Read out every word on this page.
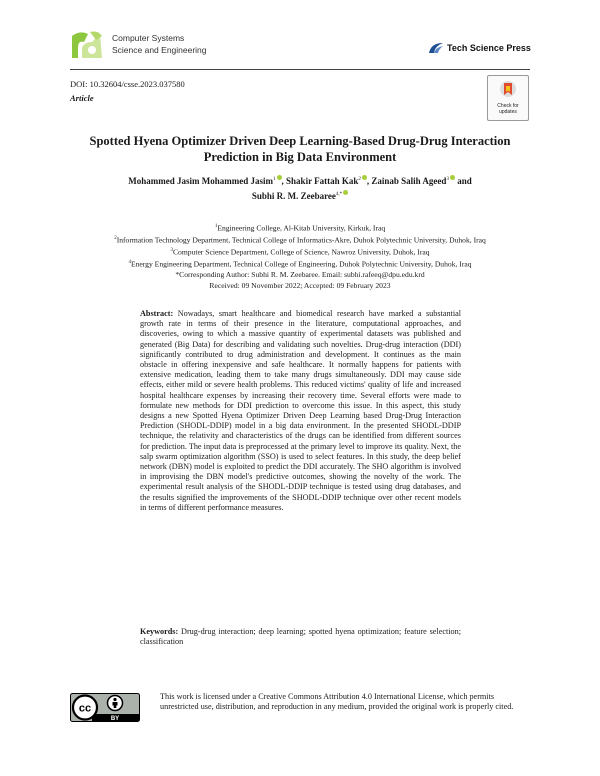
Computer Systems
Science and Engineering	Tech Science Press
DOI: 10.32604/csse.2023.037580
Article
Check for
updates
Spotted Hyena Optimizer Driven Deep Learning-Based Drug-Drug Interaction
Prediction in Big Data Environment
Mohammed Jasim Mohammed Jasim$^1$ , Shakir Fattah Kak$^2$ , Zainab Salih Ageed$^3$ and
Subhi R. M. Zeebaree$^{4,*}$
$^1$Engineering College, Al-Kitab University, Kirkuk, Iraq
$^2$Information Technology Department, Technical College of Informatics-Akre, Duhok Polytechnic University, Duhok, Iraq
$^3$Computer Science Department, College of Science, Nawroz University, Duhok, Iraq
$^4$Energy Engineering Department, Technical College of Engineering, Duhok Polytechnic University, Duhok, Iraq
*Corresponding Author: Subhi R. M. Zeebaree. Email: subhi.rafeeq@dpu.edu.krd
Received: 09 November 2022; Accepted: 09 February 2023
Abstract: Nowadays, smart healthcare and biomedical research have marked a substantial growth rate in terms of their presence in the literature, computational approaches, and discoveries, owing to which a massive quantity of experimental datasets was published and generated (Big Data) for describing and validating such novelties. Drug-drug interaction (DDI) significantly contributed to drug administration and development. It continues as the main obstacle in offering inexpensive and safe healthcare. It normally happens for patients with extensive medication, leading them to take many drugs simultaneously. DDI may cause side effects, either mild or severe health problems. This reduced victims' quality of life and increased hospital healthcare expenses by increasing their recovery time. Several efforts were made to formulate new methods for DDI prediction to overcome this issue. In this aspect, this study designs a new Spotted Hyena Optimizer Driven Deep Learning based Drug-Drug Interaction Prediction (SHODL-DDIP) model in a big data environment. In the presented SHODL-DDIP technique, the relativity and characteristics of the drugs can be identified from different sources for prediction. The input data is preprocessed at the primary level to improve its quality. Next, the salp swarm optimization algorithm (SSO) is used to select features. In this study, the deep belief network (DBN) model is exploited to predict the DDI accurately. The SHO algorithm is involved in improvising the DBN model's predictive outcomes, showing the novelty of the work. The experimental result analysis of the SHODL-DDIP technique is tested using drug databases, and the results signified the improvements of the SHODL-DDIP technique over other recent models in terms of different performance measures.
Keywords: Drug-drug interaction; deep learning; spotted hyena optimization; feature selection; classification
cc
BY
This work is licensed under a Creative Commons Attribution 4.0 International License, which permits unrestricted use, distribution, and reproduction in any medium, provided the original work is properly cited.
